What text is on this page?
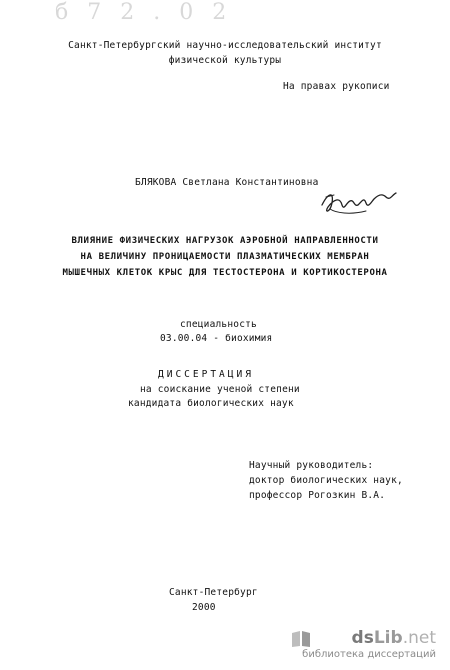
б 7 2 . 0 2
Санкт-Петербургский научно-исследовательский институт
физической культуры
На правах рукописи
БЛЯКОВА Светлана Константиновна
ВЛИЯНИЕ ФИЗИЧЕСКИХ НАГРУЗОК АЭРОБНОЙ НАПРАВЛЕННОСТИ
НА ВЕЛИЧИНУ ПРОНИЦАЕМОСТИ ПЛАЗМАТИЧЕСКИХ МЕМБРАН
МЫШЕЧНЫХ КЛЕТОК КРЫС ДЛЯ ТЕСТОСТЕРОНА И КОРТИКОСТЕРОНА
специальность
03.00.04 - биохимия
ДИССЕРТАЦИЯ
на соискание ученой степени
кандидата биологических наук
Научный руководитель:
доктор биологических наук,
профессор Рогозкин В.А.
Санкт-Петербург
2000
dsLib.net
библиотека диссертаций
